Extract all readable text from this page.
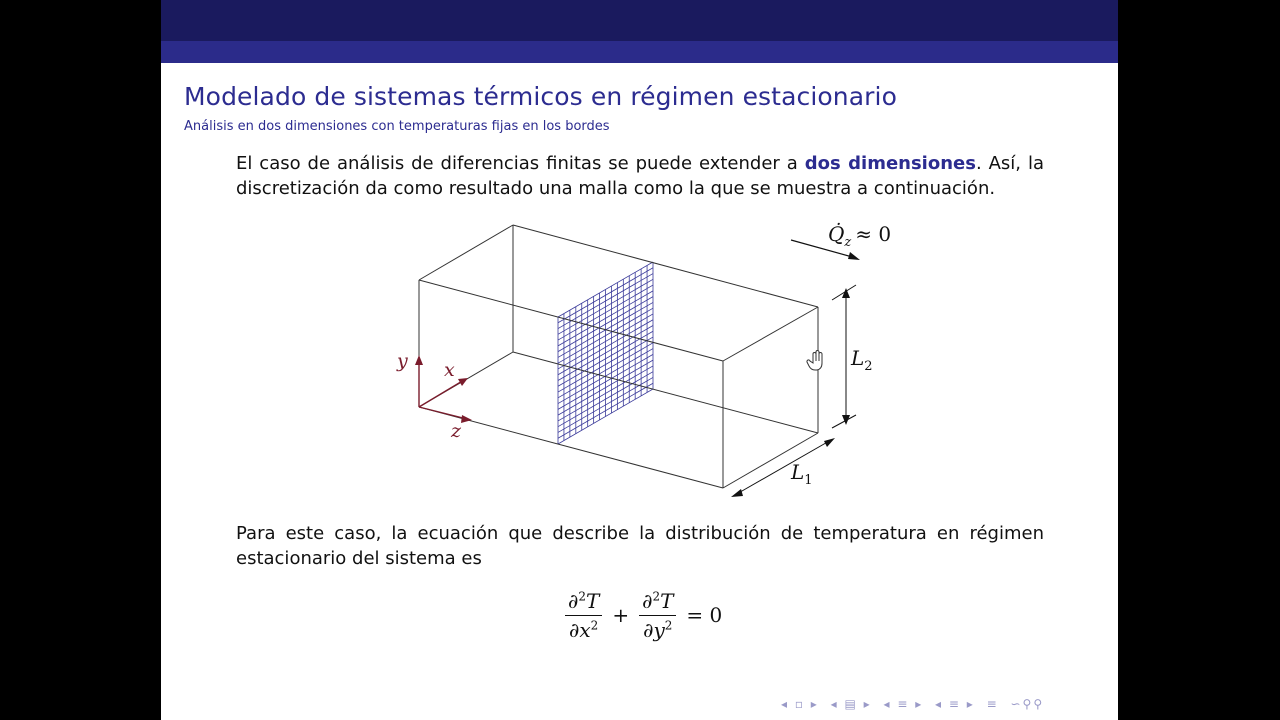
Modelado de sistemas térmicos en régimen estacionario
Análisis en dos dimensiones con temperaturas fijas en los bordes
El caso de análisis de diferencias finitas se puede extender a dos dimensiones. Así, la discretización da como resultado una malla como la que se muestra a continuación.
$Q̇_z \approx 0$
y x
z
$L_2$
$L_1$
Para este caso, la ecuación que describe la distribución de temperatura en régimen estacionario del sistema es
$\frac{\partial^2T}{\partial x^2} + \frac{\partial^2T}{\partial y^2} = 0$
◂ ▫ ▸ ◂ ▤ ▸ ◂ ≡ ▸ ◂ ≡ ▸ ≡ ∽⚲⚲
